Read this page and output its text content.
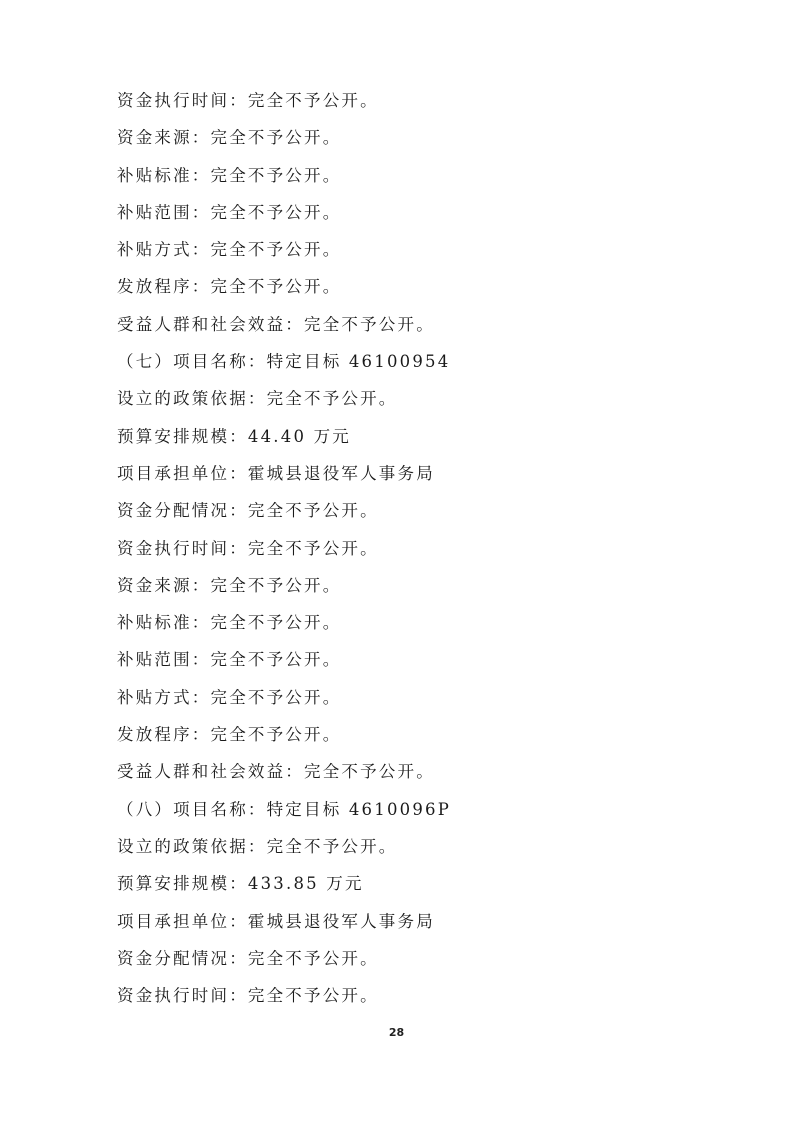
资金执行时间：完全不予公开。
资金来源：完全不予公开。
补贴标准：完全不予公开。
补贴范围：完全不予公开。
补贴方式：完全不予公开。
发放程序：完全不予公开。
受益人群和社会效益：完全不予公开。
（七）项目名称：特定目标 46100954
设立的政策依据：完全不予公开。
预算安排规模：44.40 万元
项目承担单位：霍城县退役军人事务局
资金分配情况：完全不予公开。
资金执行时间：完全不予公开。
资金来源：完全不予公开。
补贴标准：完全不予公开。
补贴范围：完全不予公开。
补贴方式：完全不予公开。
发放程序：完全不予公开。
受益人群和社会效益：完全不予公开。
（八）项目名称：特定目标 4610096P
设立的政策依据：完全不予公开。
预算安排规模：433.85 万元
项目承担单位：霍城县退役军人事务局
资金分配情况：完全不予公开。
资金执行时间：完全不予公开。
28
